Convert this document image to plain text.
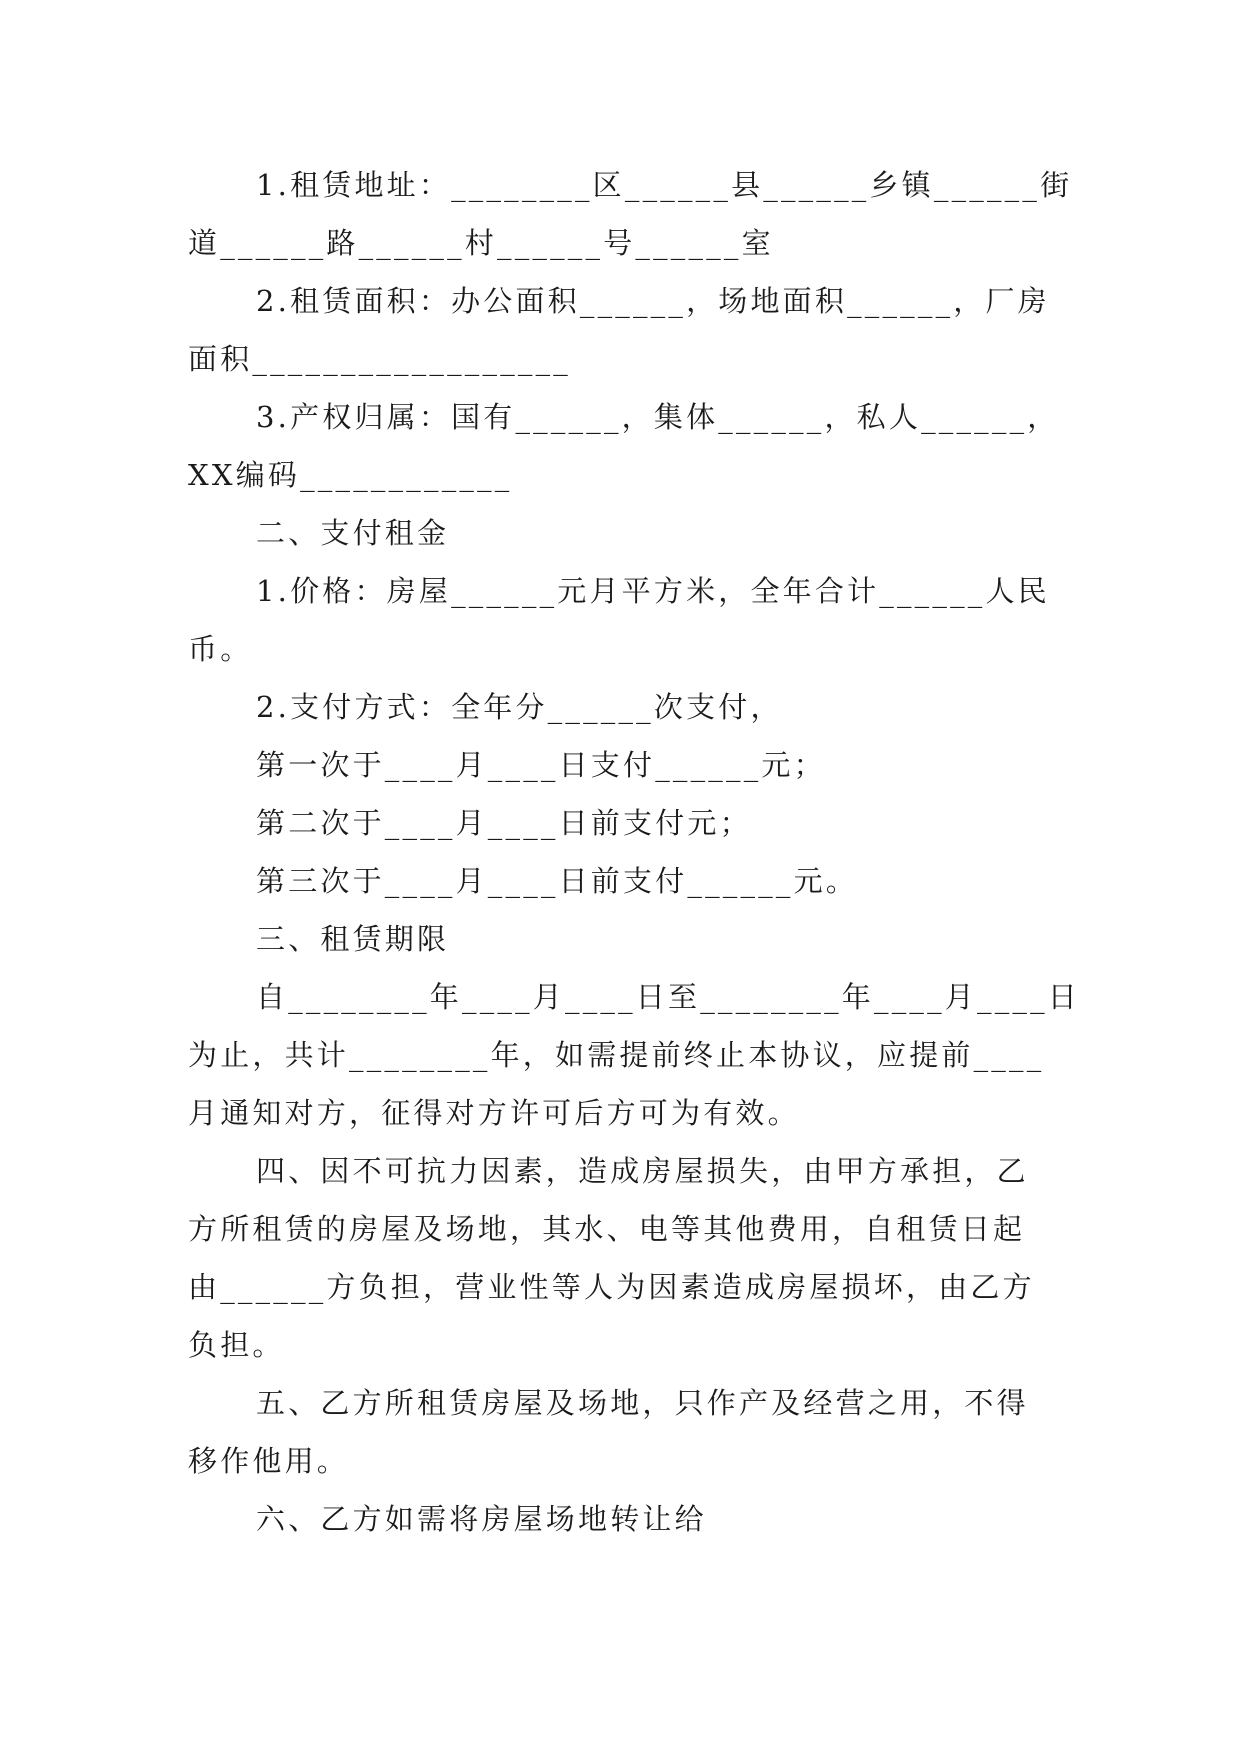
1.租赁地址：________区______县______乡镇______街
道______路______村______号______室
2.租赁面积：办公面积______，场地面积______，厂房
面积__________________
3.产权归属：国有______，集体______，私人______，
XX编码____________
二、支付租金
1.价格：房屋______元月平方米，全年合计______人民
币。
2.支付方式：全年分______次支付，
第一次于____月____日支付______元；
第二次于____月____日前支付元；
第三次于____月____日前支付______元。
三、租赁期限
自________年____月____日至________年____月____日
为止，共计________年，如需提前终止本协议，应提前____
月通知对方，征得对方许可后方可为有效。
四、因不可抗力因素，造成房屋损失，由甲方承担，乙
方所租赁的房屋及场地，其水、电等其他费用，自租赁日起
由______方负担，营业性等人为因素造成房屋损坏，由乙方
负担。
五、乙方所租赁房屋及场地，只作产及经营之用，不得
移作他用。
六、乙方如需将房屋场地转让给
